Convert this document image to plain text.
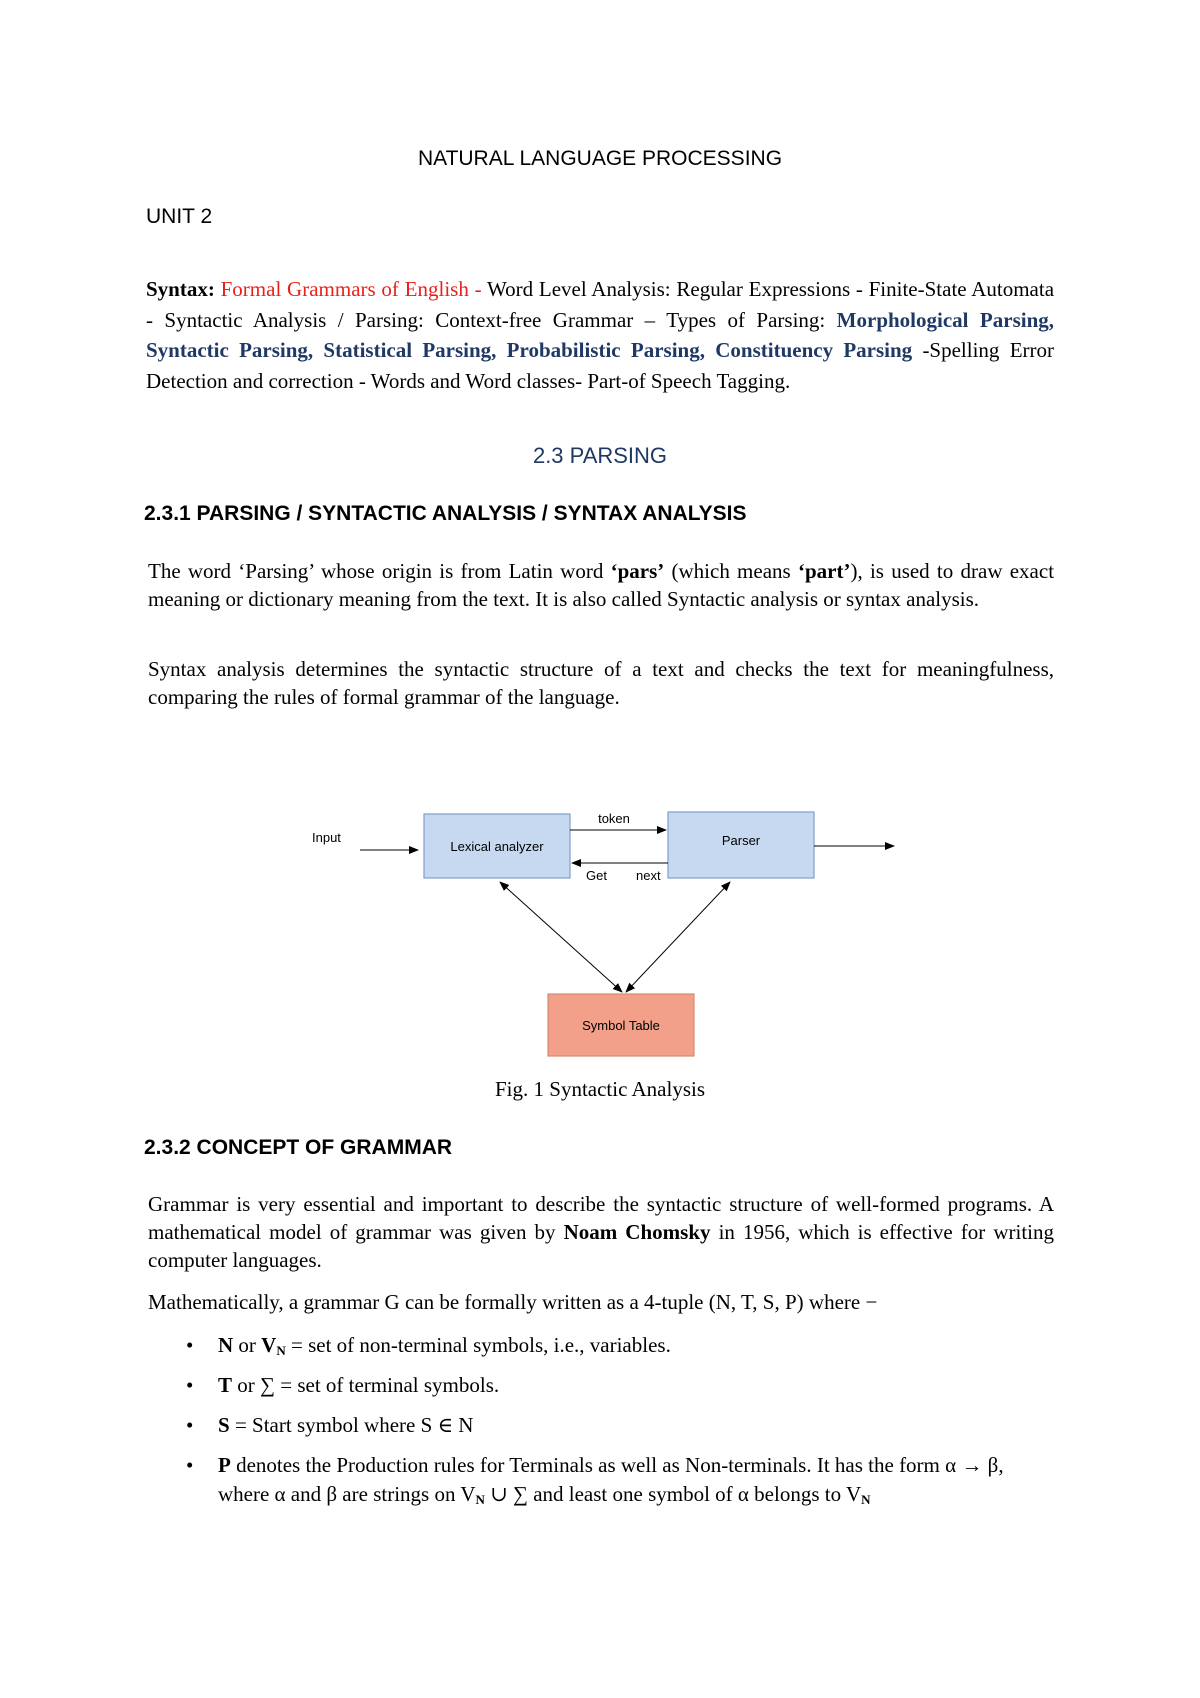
NATURAL LANGUAGE PROCESSING
UNIT 2
Syntax: Formal Grammars of English - Word Level Analysis: Regular Expressions - Finite-State Automata - Syntactic Analysis / Parsing: Context-free Grammar – Types of Parsing: Morphological Parsing, Syntactic Parsing, Statistical Parsing, Probabilistic Parsing, Constituency Parsing -Spelling Error Detection and correction - Words and Word classes- Part-of Speech Tagging.
2.3 PARSING
2.3.1 PARSING / SYNTACTIC ANALYSIS / SYNTAX ANALYSIS

The word ‘Parsing’ whose origin is from Latin word ‘pars’ (which means ‘part’), is used to draw exact meaning or dictionary meaning from the text. It is also called Syntactic analysis or syntax analysis.

Syntax analysis determines the syntactic structure of a text and checks the text for meaningfulness, comparing the rules of formal grammar of the language.

Input
Lexical analyzer	Parser
token
Get next
Symbol Table
Fig. 1 Syntactic Analysis
2.3.2 CONCEPT OF GRAMMAR

Grammar is very essential and important to describe the syntactic structure of well-formed programs. A mathematical model of grammar was given by Noam Chomsky in 1956, which is effective for writing computer languages.

Mathematically, a grammar G can be formally written as a 4-tuple (N, T, S, P) where −

• N or $V_N$ = set of non-terminal symbols, i.e., variables.
• T or ∑ = set of terminal symbols.
• S = Start symbol where S ∈ N
• P denotes the Production rules for Terminals as well as Non-terminals. It has the form α → β, where α and β are strings on $V_N$ ∪ ∑ and least one symbol of α belongs to $V_N$
